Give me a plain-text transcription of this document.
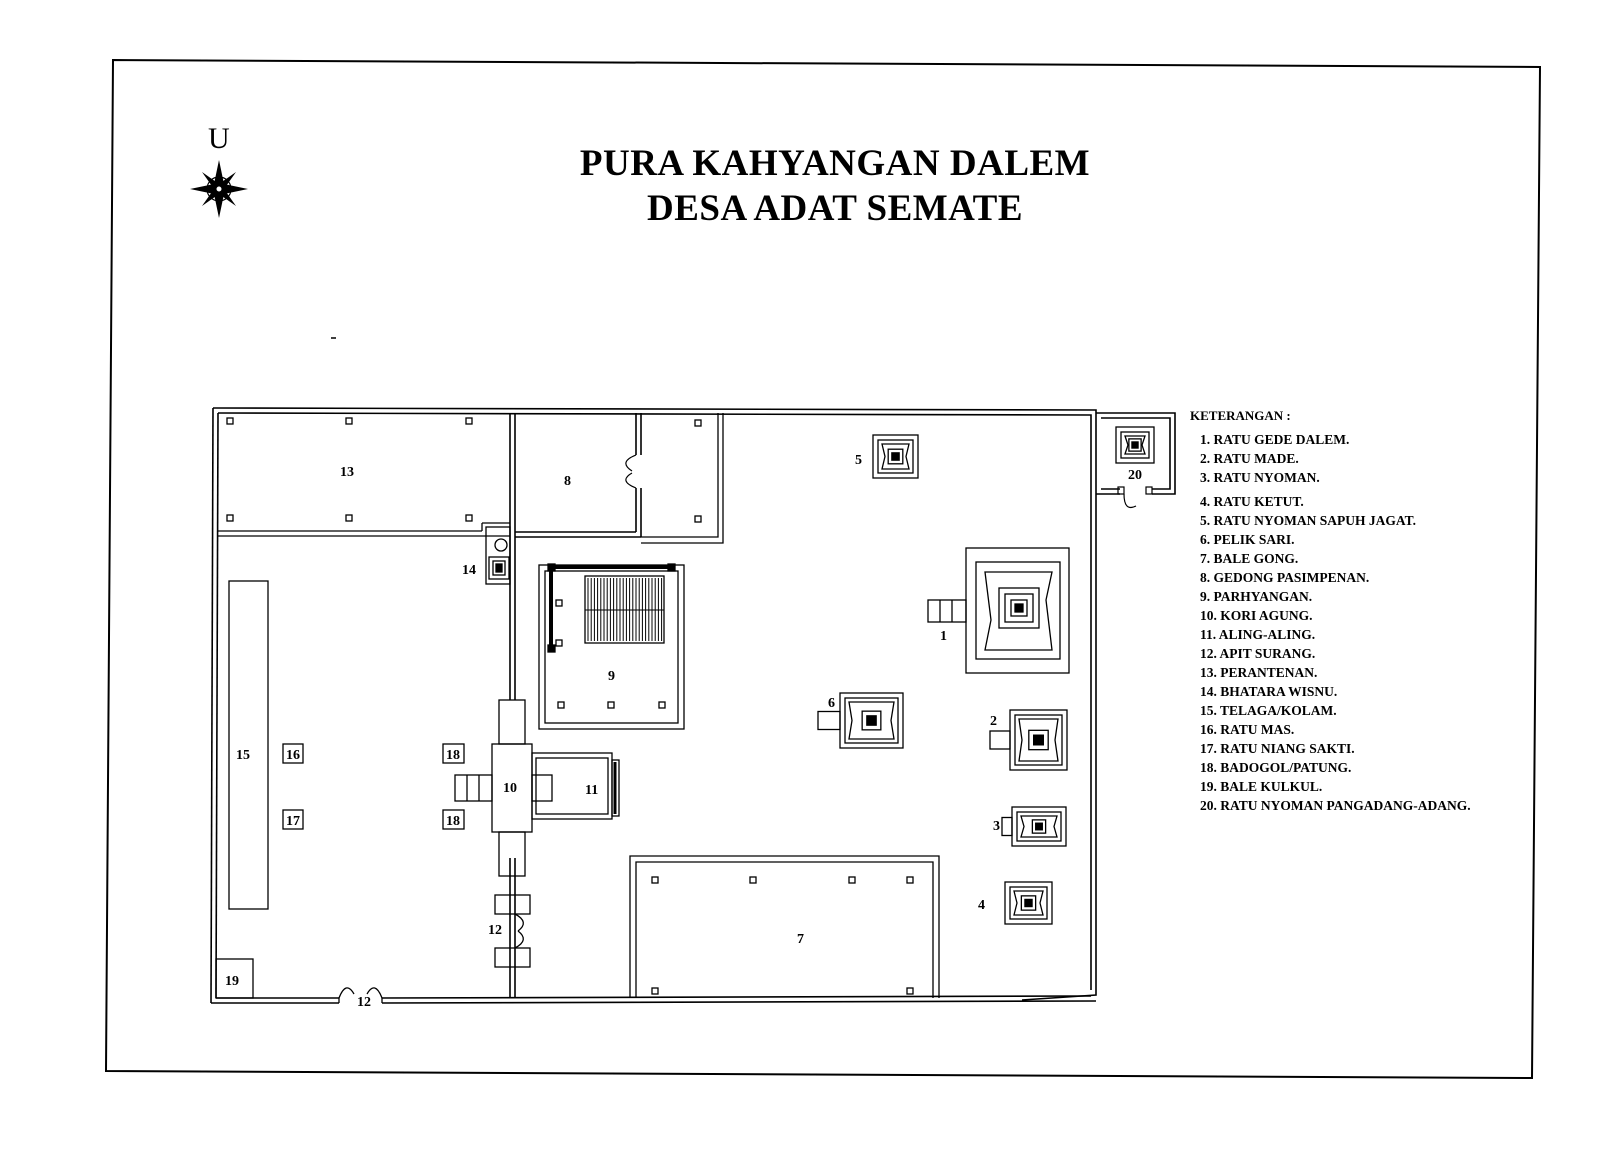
PURA KAHYANGAN DALEM
DESA ADAT SEMATE
U
1
2
3
4
5
6
7
8
9
10	11
12
12
13
14
15	16
17
18
18
19
20
KETERANGAN :
1. RATU GEDE DALEM.
2. RATU MADE.
3. RATU NYOMAN.
4. RATU KETUT.
5. RATU NYOMAN SAPUH JAGAT.
6. PELIK SARI.
7. BALE GONG.
8. GEDONG PASIMPENAN.
9. PARHYANGAN.
10. KORI AGUNG.
11. ALING-ALING.
12. APIT SURANG.
13. PERANTENAN.
14. BHATARA WISNU.
15. TELAGA/KOLAM.
16. RATU MAS.
17. RATU NIANG SAKTI.
18. BADOGOL/PATUNG.
19. BALE KULKUL.
20. RATU NYOMAN PANGADANG-ADANG.
